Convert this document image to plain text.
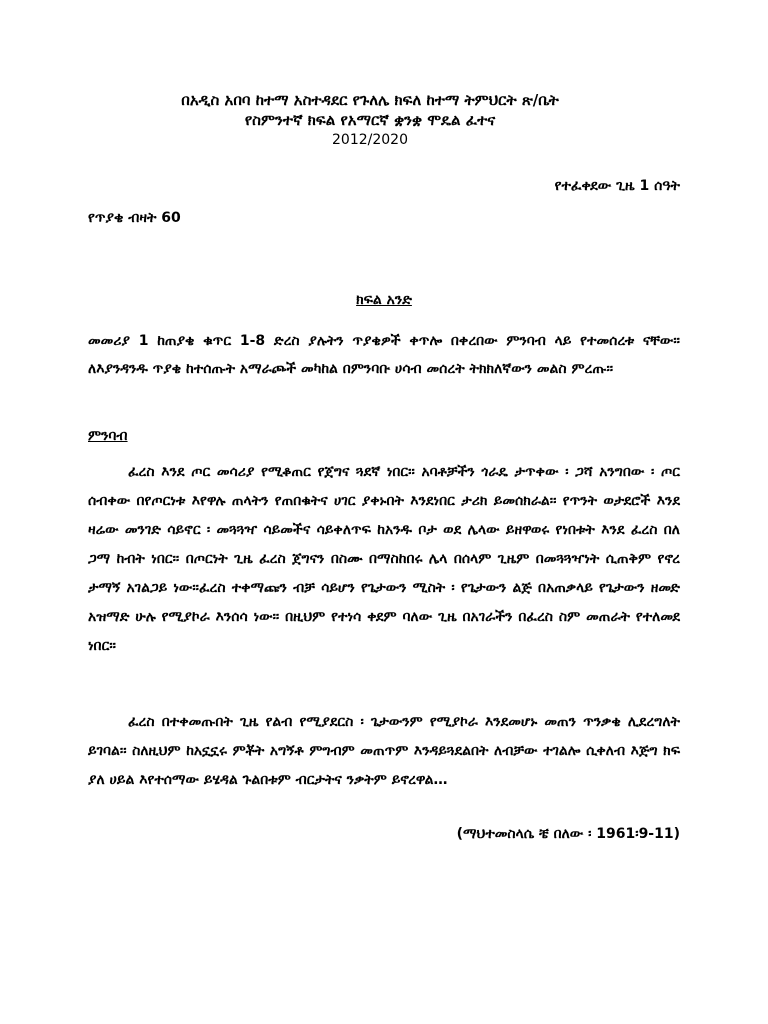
በአዲስ አበባ ከተማ አስተዳደር የጉለሌ ክፍለ ከተማ ትምህርት ጽ/ቤት
የስምንተኛ ክፍል የአማርኛ ቋንቋ ሞዴል ፈተና
2012/2020
የተፈቀደው ጊዜ 1 ሰዓት
የጥያቄ ብዛት 60
ክፍል አንድ
መመሪያ 1 ከጠያቄ ቁጥር 1-8 ድረስ ያሉትን ጥያቄዎች ቀጥሎ በቀረበው ምንባብ ላይ የተመሰረቱ ናቸው፡፡ ለእያንዳንዱ ጥያቄ ከተሰጡት አማራጮች መካከል በምንባቡ ሀሳብ መሰረት ትክክለኛውን መልስ ምረጡ፡፡
ምንባብ
ፈረስ እንደ ጦር መሳሪያ የሚቆጠር የጀግና ጓደኛ ነበር፡፡ አባቶቻችን ጎራዴ ታጥቀው ፡ ጋሻ አንግበው ፡ ጦር ሰብቀው በየጦርነቱ እየዋሉ ጠላትን የጠበቁትና ሀገር ያቀኑበት እንደነበር ታሪክ ይመሰክራል፡፡ የጥንት ወታደሮች እንደ ዛሬው መንገድ ሳይኖር ፡ መጓጓዣ ሳይመችና ሳይቀለጥፍ ከአንዱ ቦታ ወደ ሌላው ይዘዋወሩ የነበቱት እንደ ፈረስ በለ ጋማ ከብት ነበር፡፡ በጦርነት ጊዜ ፈረስ ጀግናን በስሙ በማስከበሩ ሌላ በሰላም ጊዜም በመጓጓዣነት ሲጠቅም የኖረ ታማኝ አገልጋይ ነው፡፡ፈረስ ተቀማጩን ብቻ ሳይሆን የጌታውን ሚስት ፡ የጌታውን ልጅ በአጠቃላይ የጌታውን ዘመድ አዝማድ ሁሉ የሚያኮራ እንሰሳ ነው፡፡ በዚህም የተነሳ ቀደም ባለው ጊዜ በአገራችን በፈረስ ስም መጠራት የተለመደ ነበር፡፡
ፈረስ በተቀመጡበት ጊዜ የልብ የሚያደርስ ፡ ጌታውንም የሚያኮራ እንደመሆኑ መጠን ጥንቃቄ ሊደረግለት ይገባል፡፡ ስለዚህም ከአኗኗሩ ምቾት አግኝቶ ምግብም መጠጥም እንዳይጓደልበት ለብቻው ተገልሎ ሲቀለብ እጅግ ክፍ ያለ ሀይል እየተሰማው ይሄዳል ጉልበቱም ብርታትና ንቃትም ይኖረዋል…
(ማህተመስላሴ ቼ በለው ፡ 1961፡9-11)
